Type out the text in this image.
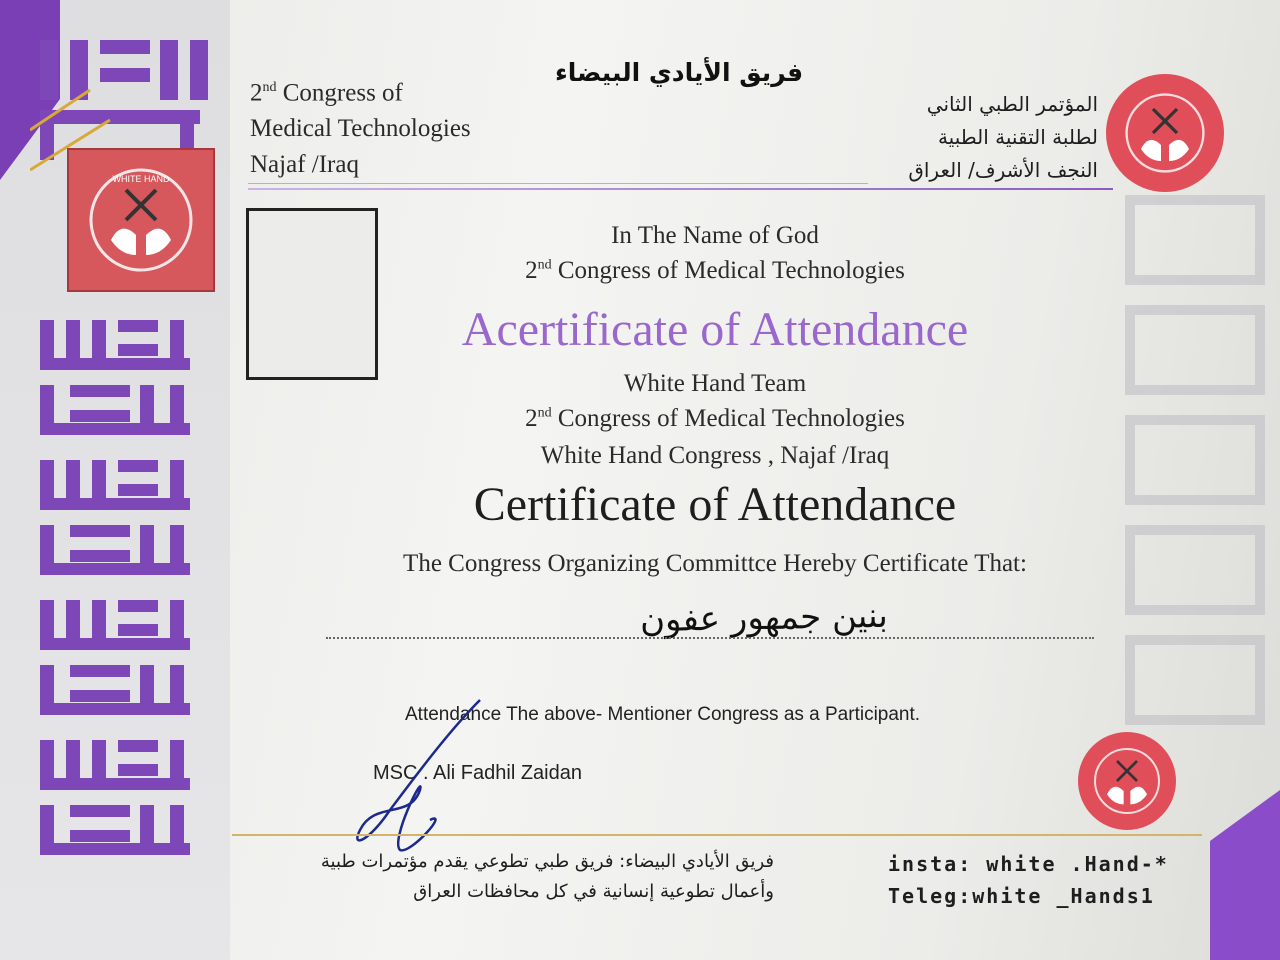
WHITE HAND
2nd Congress of
Medical Technologies
Najaf /Iraq
فريق الأيادي البيضاء
المؤتمر الطبي الثاني
لطلبة التقنية الطبية
النجف الأشرف/ العراق
In The Name of God
2nd Congress of Medical Technologies
Acertificate of Attendance
White Hand Team
2nd Congress of Medical Technologies
White Hand Congress , Najaf /Iraq
Certificate of Attendance
The Congress Organizing Committce Hereby Certificate That:
بنين جمهور عفون
Attendance The above- Mentioner Congress as a Participant.
MSC . Ali Fadhil Zaidan
فريق الأيادي البيضاء: فريق طبي تطوعي يقدم مؤتمرات طبية
وأعمال تطوعية إنسانية في كل محافظات العراق
insta: white .Hand-*
Teleg:white _Hands1
